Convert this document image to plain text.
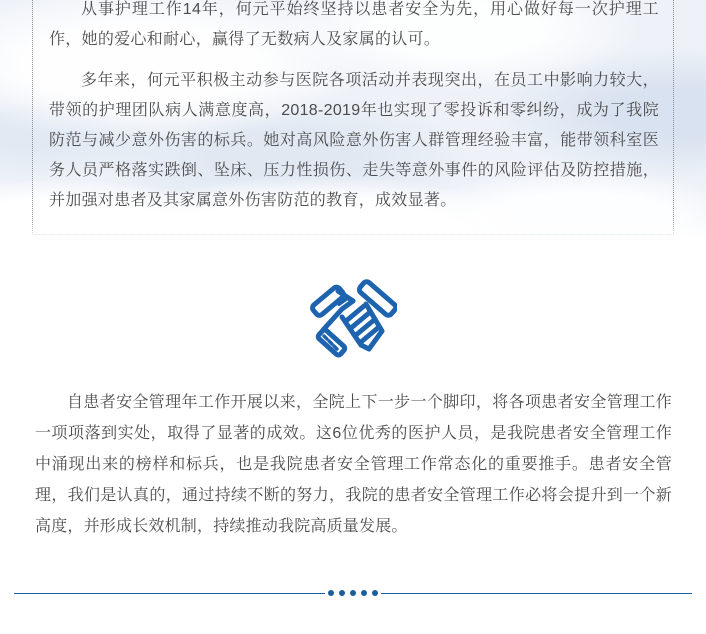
从事护理工作14年，何元平始终坚持以患者安全为先，用心做好每一次护理工作，她的爱心和耐心，赢得了无数病人及家属的认可。

多年来，何元平积极主动参与医院各项活动并表现突出，在员工中影响力较大，带领的护理团队病人满意度高，2018-2019年也实现了零投诉和零纠纷，成为了我院防范与减少意外伤害的标兵。她对高风险意外伤害人群管理经验丰富，能带领科室医务人员严格落实跌倒、坠床、压力性损伤、走失等意外事件的风险评估及防控措施，并加强对患者及其家属意外伤害防范的教育，成效显著。

自患者安全管理年工作开展以来，全院上下一步一个脚印，将各项患者安全管理工作一项项落到实处，取得了显著的成效。这6位优秀的医护人员，是我院患者安全管理工作中涌现出来的榜样和标兵，也是我院患者安全管理工作常态化的重要推手。患者安全管理，我们是认真的，通过持续不断的努力，我院的患者安全管理工作必将会提升到一个新高度，并形成长效机制，持续推动我院高质量发展。
